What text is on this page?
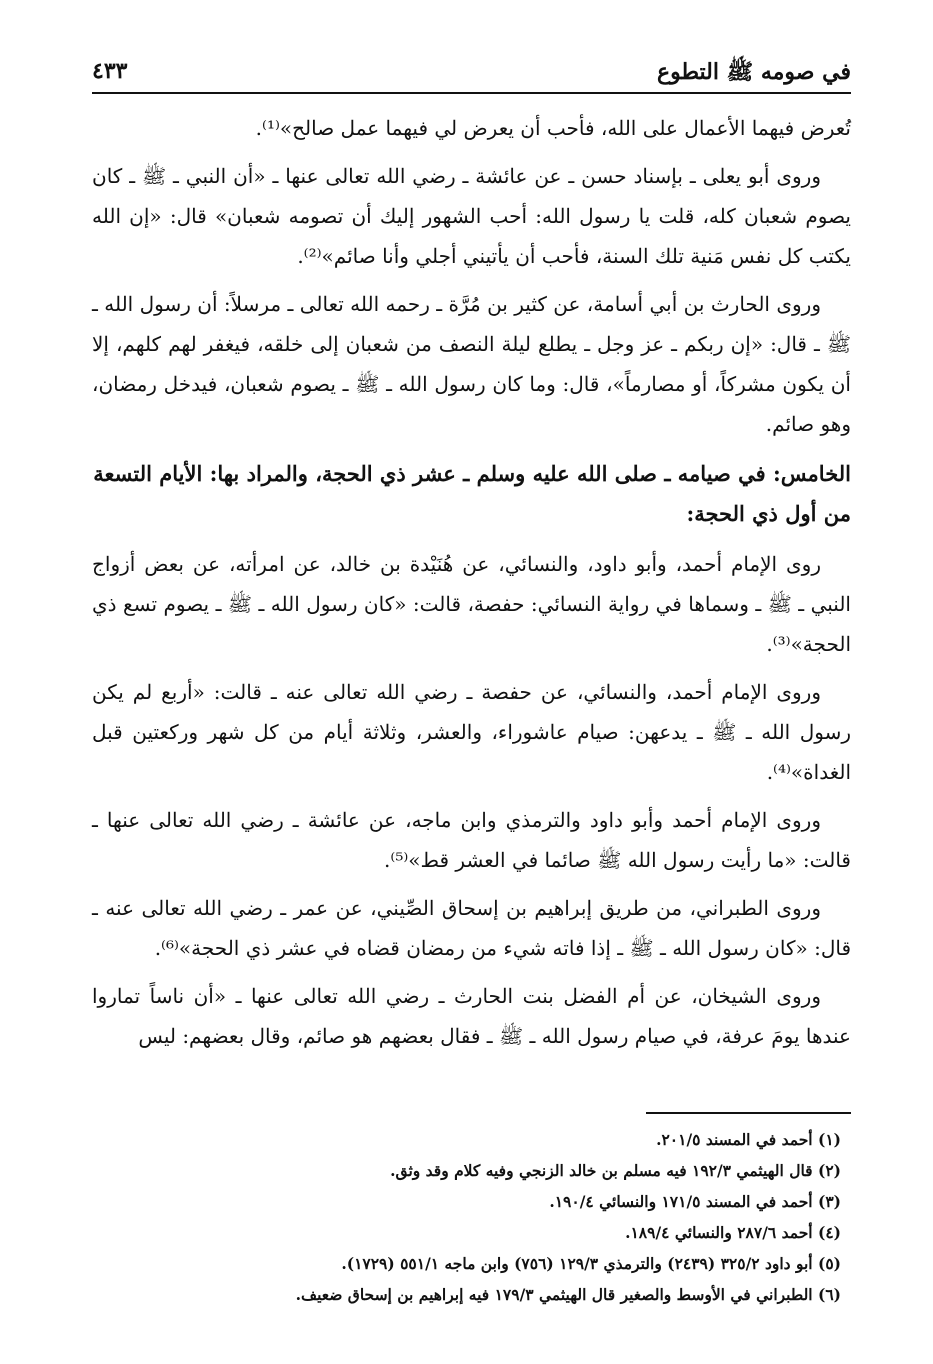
في صومه ﷺ التطوع
٤٣٣

تُعرض فيهما الأعمال على الله، فأحب أن يعرض لي فيهما عمل صالح»⁽¹⁾.

وروى أبو يعلى ـ بإسناد حسن ـ عن عائشة ـ رضي الله تعالى عنها ـ «أن النبي ـ ﷺ ـ كان يصوم شعبان كله، قلت يا رسول الله: أحب الشهور إليك أن تصومه شعبان» قال: «إن الله يكتب كل نفس مَنية تلك السنة، فأحب أن يأتيني أجلي وأنا صائم»⁽²⁾.

وروى الحارث بن أبي أسامة، عن كثير بن مُرَّة ـ رحمه الله تعالى ـ مرسلاً: أن رسول الله ـ ﷺ ـ قال: «إن ربكم ـ عز وجل ـ يطلع ليلة النصف من شعبان إلى خلقه، فيغفر لهم كلهم، إلا أن يكون مشركاً، أو مصارماً»، قال: وما كان رسول الله ـ ﷺ ـ يصوم شعبان، فيدخل رمضان، وهو صائم.

الخامس: في صيامه ـ صلى الله عليه وسلم ـ عشر ذي الحجة، والمراد بها: الأيام التسعة من أول ذي الحجة:

روى الإمام أحمد، وأبو داود، والنسائي، عن هُنَيْدة بن خالد، عن امرأته، عن بعض أزواج النبي ـ ﷺ ـ وسماها في رواية النسائي: حفصة، قالت: «كان رسول الله ـ ﷺ ـ يصوم تسع ذي الحجة»⁽³⁾.

وروى الإمام أحمد، والنسائي، عن حفصة ـ رضي الله تعالى عنه ـ قالت: «أربع لم يكن رسول الله ـ ﷺ ـ يدعهن: صيام عاشوراء، والعشر، وثلاثة أيام من كل شهر وركعتين قبل الغداة»⁽⁴⁾.

وروى الإمام أحمد وأبو داود والترمذي وابن ماجه، عن عائشة ـ رضي الله تعالى عنها ـ قالت: «ما رأيت رسول الله ﷺ صائما في العشر قط»⁽⁵⁾.

وروى الطبراني، من طريق إبراهيم بن إسحاق الصِّيني، عن عمر ـ رضي الله تعالى عنه ـ قال: «كان رسول الله ـ ﷺ ـ إذا فاته شيء من رمضان قضاه في عشر ذي الحجة»⁽⁶⁾.

وروى الشيخان، عن أم الفضل بنت الحارث ـ رضي الله تعالى عنها ـ «أن ناساً تماروا عندها يومَ عرفة، في صيام رسول الله ـ ﷺ ـ فقال بعضهم هو صائم، وقال بعضهم: ليس

(١) أحمد في المسند ٢٠١/٥.
(٢) قال الهيثمي ١٩٢/٣ فيه مسلم بن خالد الزنجي وفيه كلام وقد وثق.
(٣) أحمد في المسند ١٧١/٥ والنسائي ١٩٠/٤.
(٤) أحمد ٢٨٧/٦ والنسائي ١٨٩/٤.
(٥) أبو داود ٣٢٥/٢ (٢٤٣٩) والترمذي ١٢٩/٣ (٧٥٦) وابن ماجه ٥٥١/١ (١٧٢٩).
(٦) الطبراني في الأوسط والصغير قال الهيثمي ١٧٩/٣ فيه إبراهيم بن إسحاق ضعيف.
